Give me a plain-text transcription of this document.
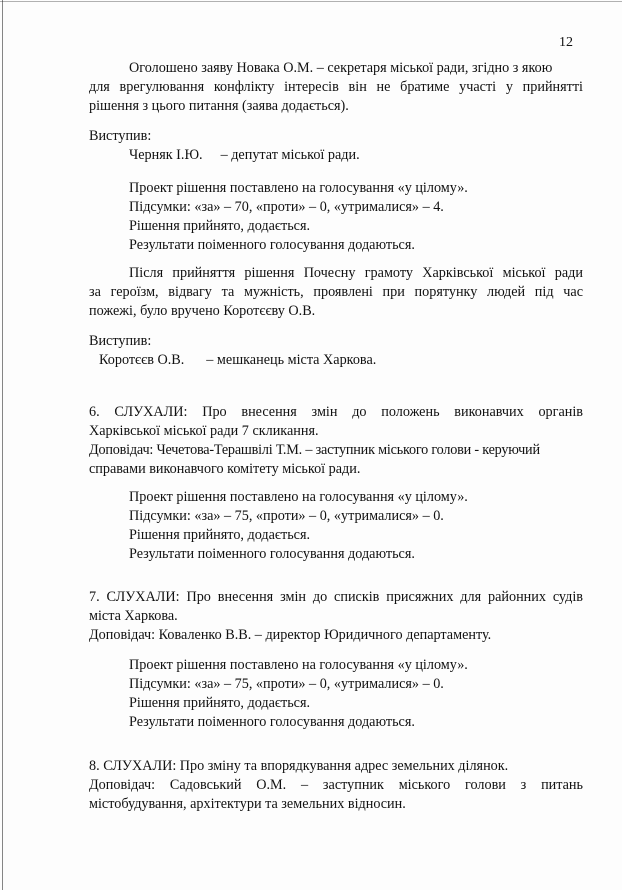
12

Оголошено заяву Новака О.М. – секретаря міської ради, згідно з якою

для врегулювання конфлікту інтересів він не братиме участі у прийнятті

рішення з цього питання (заява додається).

Виступив:

Черняк І.Ю. – депутат міської ради.

Проект рішення поставлено на голосування «у цілому».

Підсумки: «за» – 70, «проти» – 0, «утрималися» – 4.

Рішення прийнято, додається.

Результати поіменного голосування додаються.

Після прийняття рішення Почесну грамоту Харківської міської ради

за героїзм, відвагу та мужність, проявлені при порятунку людей під час

пожежі, було вручено Коротєєву О.В.

Виступив:

Коротєєв О.В. – мешканець міста Харкова.

6. СЛУХАЛИ: Про внесення змін до положень виконавчих органів

Харківської міської ради 7 скликання.

Доповідач: Чечетова-Терашвілі Т.М. – заступник міського голови - керуючий

справами виконавчого комітету міської ради.

Проект рішення поставлено на голосування «у цілому».

Підсумки: «за» – 75, «проти» – 0, «утрималися» – 0.

Рішення прийнято, додається.

Результати поіменного голосування додаються.

7. СЛУХАЛИ: Про внесення змін до списків присяжних для районних судів

міста Харкова.

Доповідач: Коваленко В.В. – директор Юридичного департаменту.

Проект рішення поставлено на голосування «у цілому».

Підсумки: «за» – 75, «проти» – 0, «утрималися» – 0.

Рішення прийнято, додається.

Результати поіменного голосування додаються.

8. СЛУХАЛИ: Про зміну та впорядкування адрес земельних ділянок.

Доповідач: Садовський О.М. – заступник міського голови з питань

містобудування, архітектури та земельних відносин.
